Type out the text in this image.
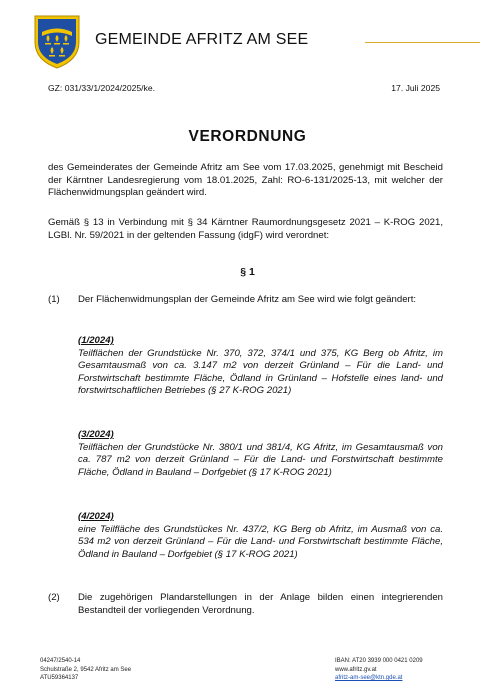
GEMEINDE AFRITZ AM SEE
GZ: 031/33/1/2024/2025/ke.	17. Juli 2025
VERORDNUNG
des Gemeinderates der Gemeinde Afritz am See vom 17.03.2025, genehmigt mit Bescheid der Kärntner Landesregierung vom 18.01.2025, Zahl: RO-6-131/2025-13, mit welcher der Flächenwidmungsplan geändert wird.
Gemäß § 13 in Verbindung mit § 34 Kärntner Raumordnungsgesetz 2021 – K-ROG 2021, LGBl. Nr. 59/2021 in der geltenden Fassung (idgF) wird verordnet:
§ 1
(1) Der Flächenwidmungsplan der Gemeinde Afritz am See wird wie folgt geändert:
(1/2024)
Teilflächen der Grundstücke Nr. 370, 372, 374/1 und 375, KG Berg ob Afritz, im Gesamtausmaß von ca. 3.147 m2 von derzeit Grünland – Für die Land- und Forstwirtschaft bestimmte Fläche, Ödland in Grünland – Hofstelle eines land- und forstwirtschaftlichen Betriebes (§ 27 K-ROG 2021)
(3/2024)
Teilflächen der Grundstücke Nr. 380/1 und 381/4, KG Afritz, im Gesamtausmaß von ca. 787 m2 von derzeit Grünland – Für die Land- und Forstwirtschaft bestimmte Fläche, Ödland in Bauland – Dorfgebiet (§ 17 K-ROG 2021)
(4/2024)
eine Teilfläche des Grundstückes Nr. 437/2, KG Berg ob Afritz, im Ausmaß von ca. 534 m2 von derzeit Grünland – Für die Land- und Forstwirtschaft bestimmte Fläche, Ödland in Bauland – Dorfgebiet (§ 17 K-ROG 2021)
(2) Die zugehörigen Plandarstellungen in der Anlage bilden einen integrierenden Bestandteil der vorliegenden Verordnung.
04247/2540-14
Schulstraße 2, 9542 Afritz am See
ATU59364137
IBAN: AT20 3939 000 0421 0209
www.afritz.gv.at
afritz-am-see@ktn.gde.at
